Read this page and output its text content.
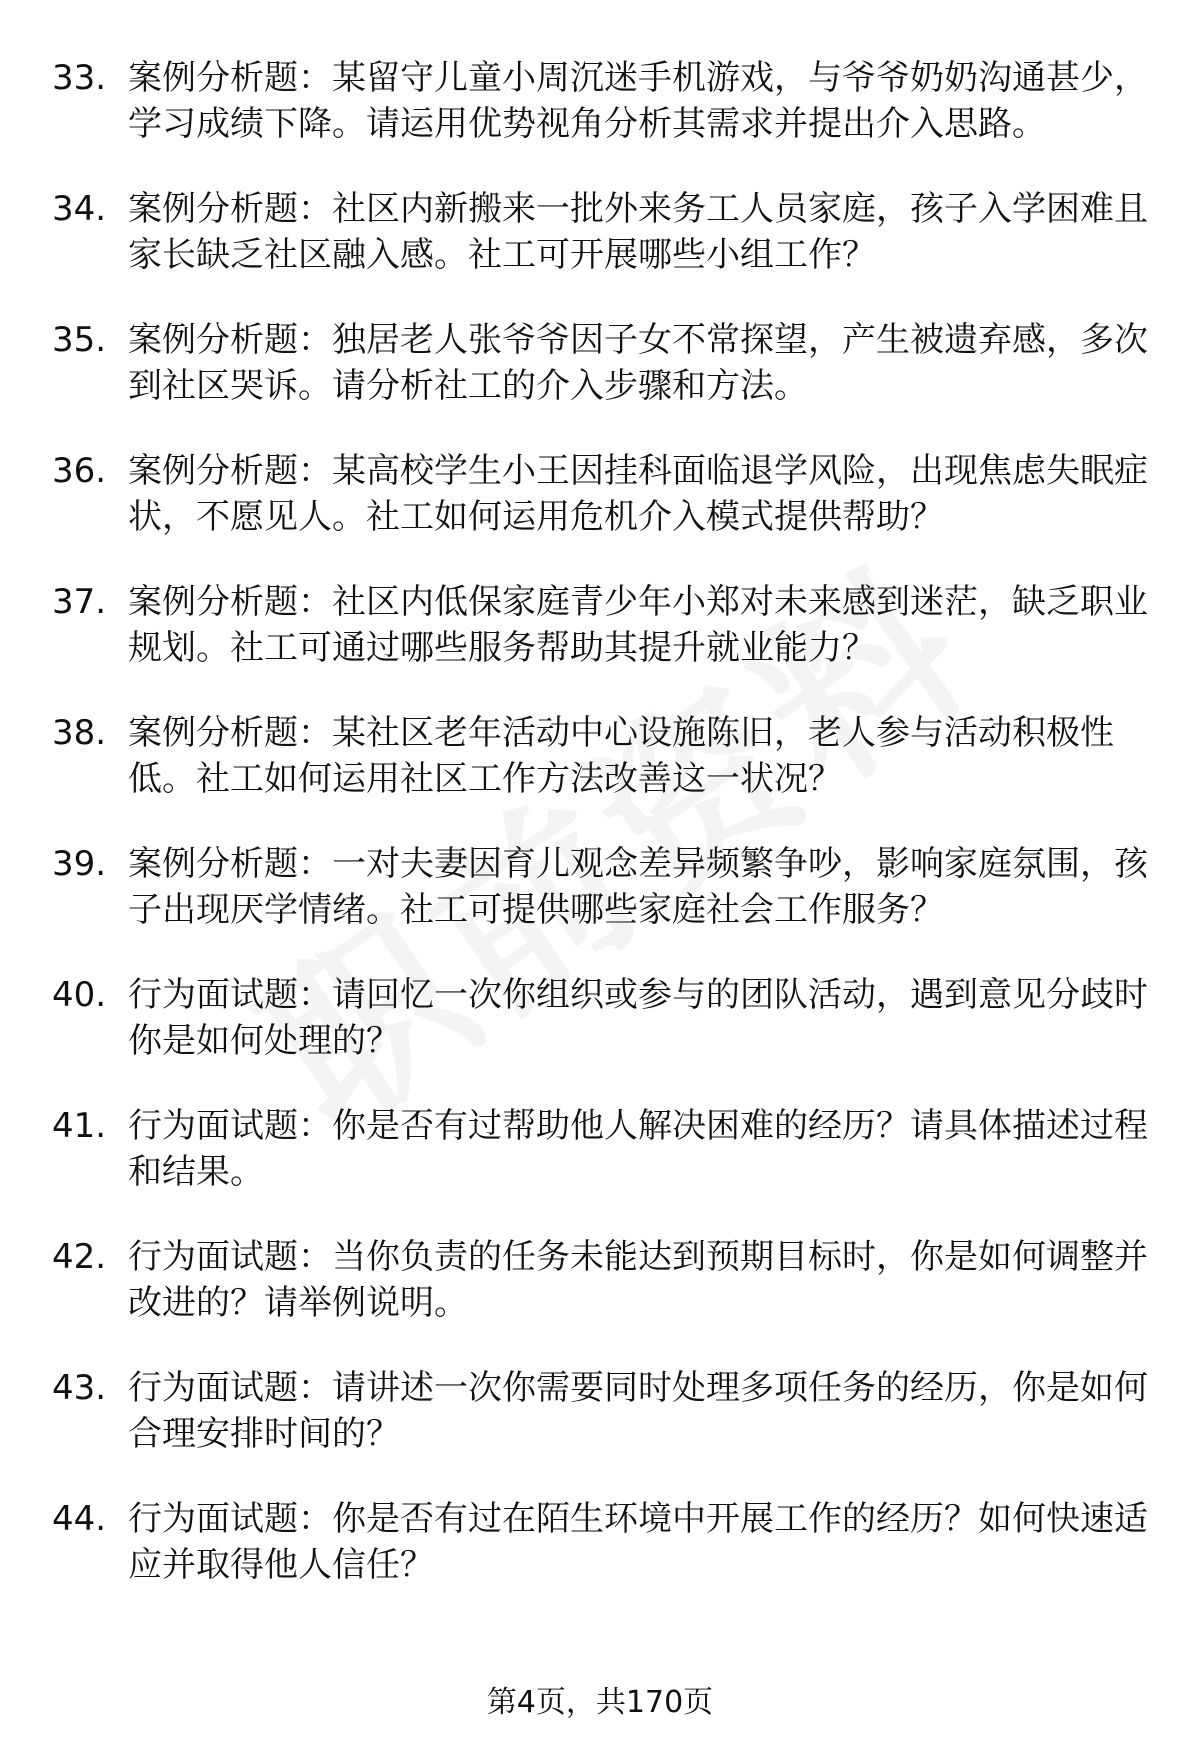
33. 案例分析题：某留守儿童小周沉迷手机游戏，与爷爷奶奶沟通甚少，学习成绩下降。请运用优势视角分析其需求并提出介入思路。
34. 案例分析题：社区内新搬来一批外来务工人员家庭，孩子入学困难且家长缺乏社区融入感。社工可开展哪些小组工作？
35. 案例分析题：独居老人张爷爷因子女不常探望，产生被遗弃感，多次到社区哭诉。请分析社工的介入步骤和方法。
36. 案例分析题：某高校学生小王因挂科面临退学风险，出现焦虑失眠症状，不愿见人。社工如何运用危机介入模式提供帮助？
37. 案例分析题：社区内低保家庭青少年小郑对未来感到迷茫，缺乏职业规划。社工可通过哪些服务帮助其提升就业能力？
38. 案例分析题：某社区老年活动中心设施陈旧，老人参与活动积极性低。社工如何运用社区工作方法改善这一状况？
39. 案例分析题：一对夫妻因育儿观念差异频繁争吵，影响家庭氛围，孩子出现厌学情绪。社工可提供哪些家庭社会工作服务？
40. 行为面试题：请回忆一次你组织或参与的团队活动，遇到意见分歧时你是如何处理的？
41. 行为面试题：你是否有过帮助他人解决困难的经历？请具体描述过程和结果。
42. 行为面试题：当你负责的任务未能达到预期目标时，你是如何调整并改进的？请举例说明。
43. 行为面试题：请讲述一次你需要同时处理多项任务的经历，你是如何合理安排时间的？
44. 行为面试题：你是否有过在陌生环境中开展工作的经历？如何快速适应并取得他人信任？
第4页，共170页
